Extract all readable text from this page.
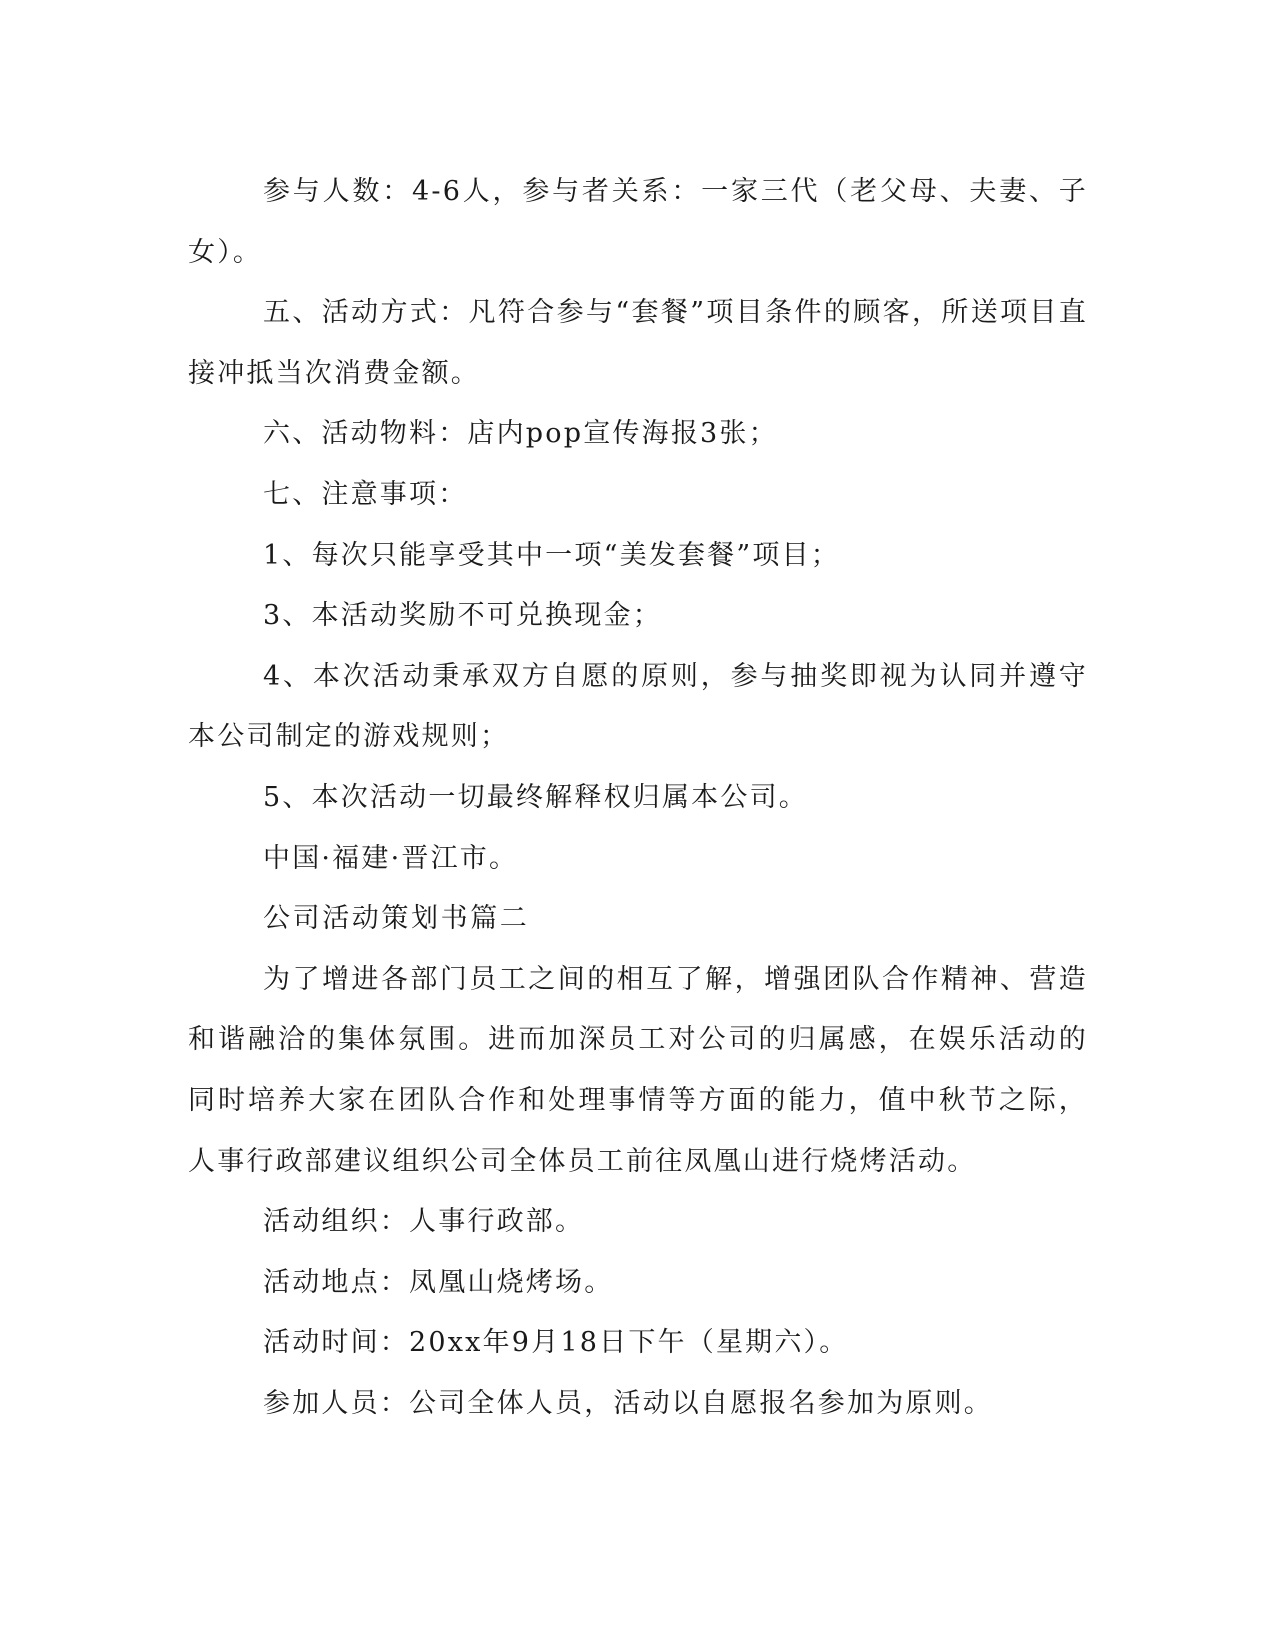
参与人数：4-6人，参与者关系：一家三代（老父母、夫妻、子女）。

五、活动方式：凡符合参与“套餐”项目条件的顾客，所送项目直接冲抵当次消费金额。

六、活动物料：店内pop宣传海报3张；

七、注意事项：

1、每次只能享受其中一项“美发套餐”项目；

3、本活动奖励不可兑换现金；

4、本次活动秉承双方自愿的原则，参与抽奖即视为认同并遵守本公司制定的游戏规则；

5、本次活动一切最终解释权归属本公司。

中国·福建·晋江市。

公司活动策划书篇二

为了增进各部门员工之间的相互了解，增强团队合作精神、营造和谐融洽的集体氛围。进而加深员工对公司的归属感，在娱乐活动的同时培养大家在团队合作和处理事情等方面的能力，值中秋节之际，人事行政部建议组织公司全体员工前往凤凰山进行烧烤活动。

活动组织：人事行政部。

活动地点：凤凰山烧烤场。

活动时间：20xx年9月18日下午（星期六）。

参加人员：公司全体人员，活动以自愿报名参加为原则。
